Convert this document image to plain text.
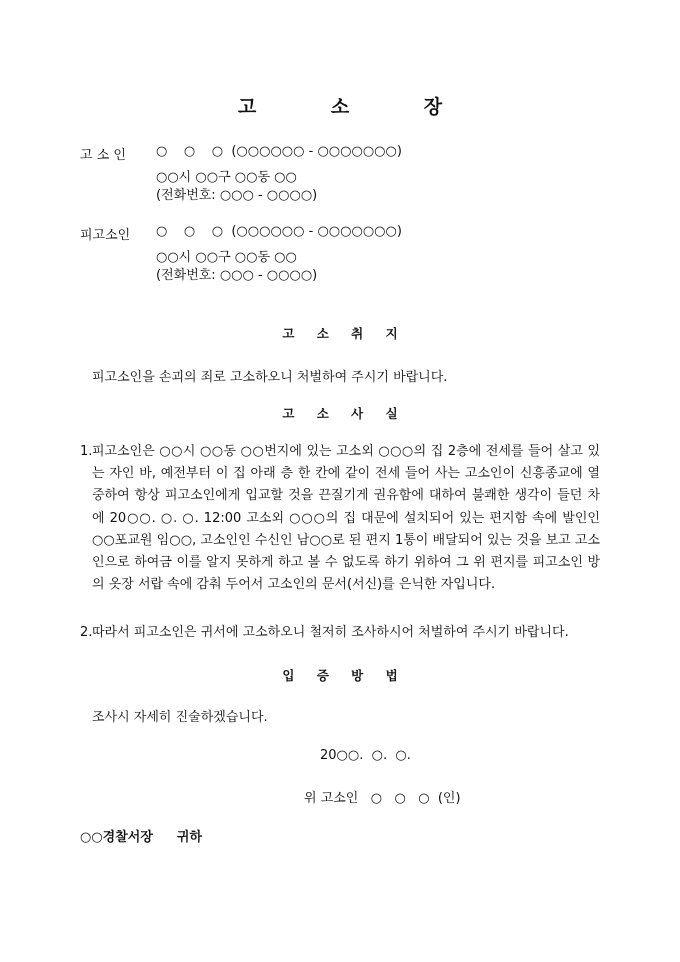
고 소 장
고 소 인 ○    ○    ○  (○○○○○○ - ○○○○○○○)
○○시 ○○구 ○○동 ○○
(전화번호: ○○○ - ○○○○)
피고소인 ○    ○    ○  (○○○○○○ - ○○○○○○○)
○○시 ○○구 ○○동 ○○
(전화번호: ○○○ - ○○○○)
고 소 취 지
피고소인을 손괴의 죄로 고소하오니 처벌하여 주시기 바랍니다.
고 소 사 실
1. 피고소인은 ○○시 ○○동 ○○번지에 있는 고소외 ○○○의 집 2층에 전세를 들어 살고 있는 자인 바, 예전부터 이 집 아래 층 한 칸에 같이 전세 들어 사는 고소인이 신흥종교에 열중하여 항상 피고소인에게 입교할 것을 끈질기게 권유함에 대하여 불쾌한 생각이 들던 차에 20○○. ○. ○. 12:00 고소외 ○○○의 집 대문에 설치되어 있는 편지함 속에 발인인 ○○포교원 임○○, 고소인인 수신인 남○○로 된 편지 1통이 배달되어 있는 것을 보고 고소인으로 하여금 이를 알지 못하게 하고 볼 수 없도록 하기 위하여 그 위 편지를 피고소인 방의 옷장 서랍 속에 감춰 두어서 고소인의 문서(서신)를 은닉한 자입니다.
2. 따라서 피고소인은 귀서에 고소하오니 철저히 조사하시어 처벌하여 주시기 바랍니다.
입 증 방 법
조사시 자세히 진술하겠습니다.
20○○.  ○.  ○.
위 고소인   ○   ○   ○  (인)
○○경찰서장 귀하
